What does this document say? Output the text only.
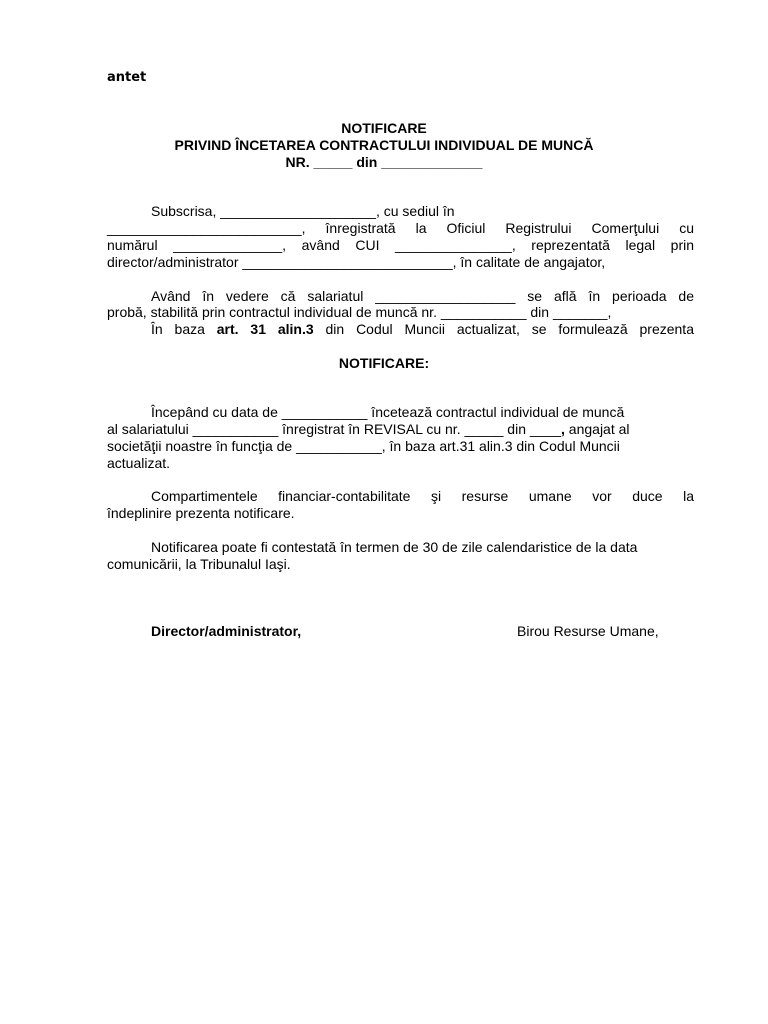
antet
NOTIFICARE
PRIVIND ÎNCETAREA CONTRACTULUI INDIVIDUAL DE MUNCĂ
NR. _____ din _____________
Subscrisa, ____________________, cu sediul în
_________________________, înregistrată la Oficiul Registrului Comerţului cu
numărul ______________, având CUI _______________, reprezentată legal prin
director/administrator ___________________________, în calitate de angajator,
Având în vedere că salariatul __________________ se află în perioada de
probă, stabilită prin contractul individual de muncă nr. ___________ din _______,
În baza art. 31 alin.3 din Codul Muncii actualizat, se formulează prezenta
NOTIFICARE:
Începând cu data de ___________ încetează contractul individual de muncă
al salariatului ___________ înregistrat în REVISAL cu nr. _____ din ____, angajat al
societăţii noastre în funcţia de ___________, în baza art.31 alin.3 din Codul Muncii
actualizat.
Compartimentele financiar-contabilitate şi resurse umane vor duce la
îndeplinire prezenta notificare.
Notificarea poate fi contestată în termen de 30 de zile calendaristice de la data
comunicării, la Tribunalul Iaşi.
Director/administrator,	Birou Resurse Umane,
